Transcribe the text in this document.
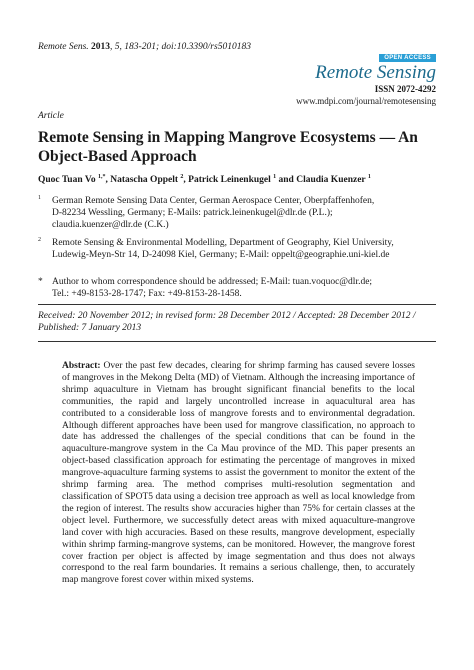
Remote Sens. 2013, 5, 183-201; doi:10.3390/rs5010183
OPEN ACCESS
Remote Sensing
ISSN 2072-4292
www.mdpi.com/journal/remotesensing
Article
Remote Sensing in Mapping Mangrove Ecosystems — An Object-Based Approach
Quoc Tuan Vo $^{1,*}$, Natascha Oppelt $^2$, Patrick Leinenkugel $^1$ and Claudia Kuenzer $^1$
1 German Remote Sensing Data Center, German Aerospace Center, Oberpfaffenhofen,
D-82234 Wessling, Germany; E-Mails: patrick.leinenkugel@dlr.de (P.L.);
claudia.kuenzer@dlr.de (C.K.)
2 Remote Sensing & Environmental Modelling, Department of Geography, Kiel University,
Ludewig-Meyn-Str 14, D-24098 Kiel, Germany; E-Mail: oppelt@geographie.uni-kiel.de
* Author to whom correspondence should be addressed; E-Mail: tuan.voquoc@dlr.de;
Tel.: +49-8153-28-1747; Fax: +49-8153-28-1458.
Received: 20 November 2012; in revised form: 28 December 2012 / Accepted: 28 December 2012 / Published: 7 January 2013
Abstract: Over the past few decades, clearing for shrimp farming has caused severe losses of mangroves in the Mekong Delta (MD) of Vietnam. Although the increasing importance of shrimp aquaculture in Vietnam has brought significant financial benefits to the local communities, the rapid and largely uncontrolled increase in aquacultural area has contributed to a considerable loss of mangrove forests and to environmental degradation. Although different approaches have been used for mangrove classification, no approach to date has addressed the challenges of the special conditions that can be found in the aquaculture-mangrove system in the Ca Mau province of the MD. This paper presents an object-based classification approach for estimating the percentage of mangroves in mixed mangrove-aquaculture farming systems to assist the government to monitor the extent of the shrimp farming area. The method comprises multi-resolution segmentation and classification of SPOT5 data using a decision tree approach as well as local knowledge from the region of interest. The results show accuracies higher than 75% for certain classes at the object level. Furthermore, we successfully detect areas with mixed aquaculture-mangrove land cover with high accuracies. Based on these results, mangrove development, especially within shrimp farming-mangrove systems, can be monitored. However, the mangrove forest cover fraction per object is affected by image segmentation and thus does not always correspond to the real farm boundaries. It remains a serious challenge, then, to accurately map mangrove forest cover within mixed systems.
